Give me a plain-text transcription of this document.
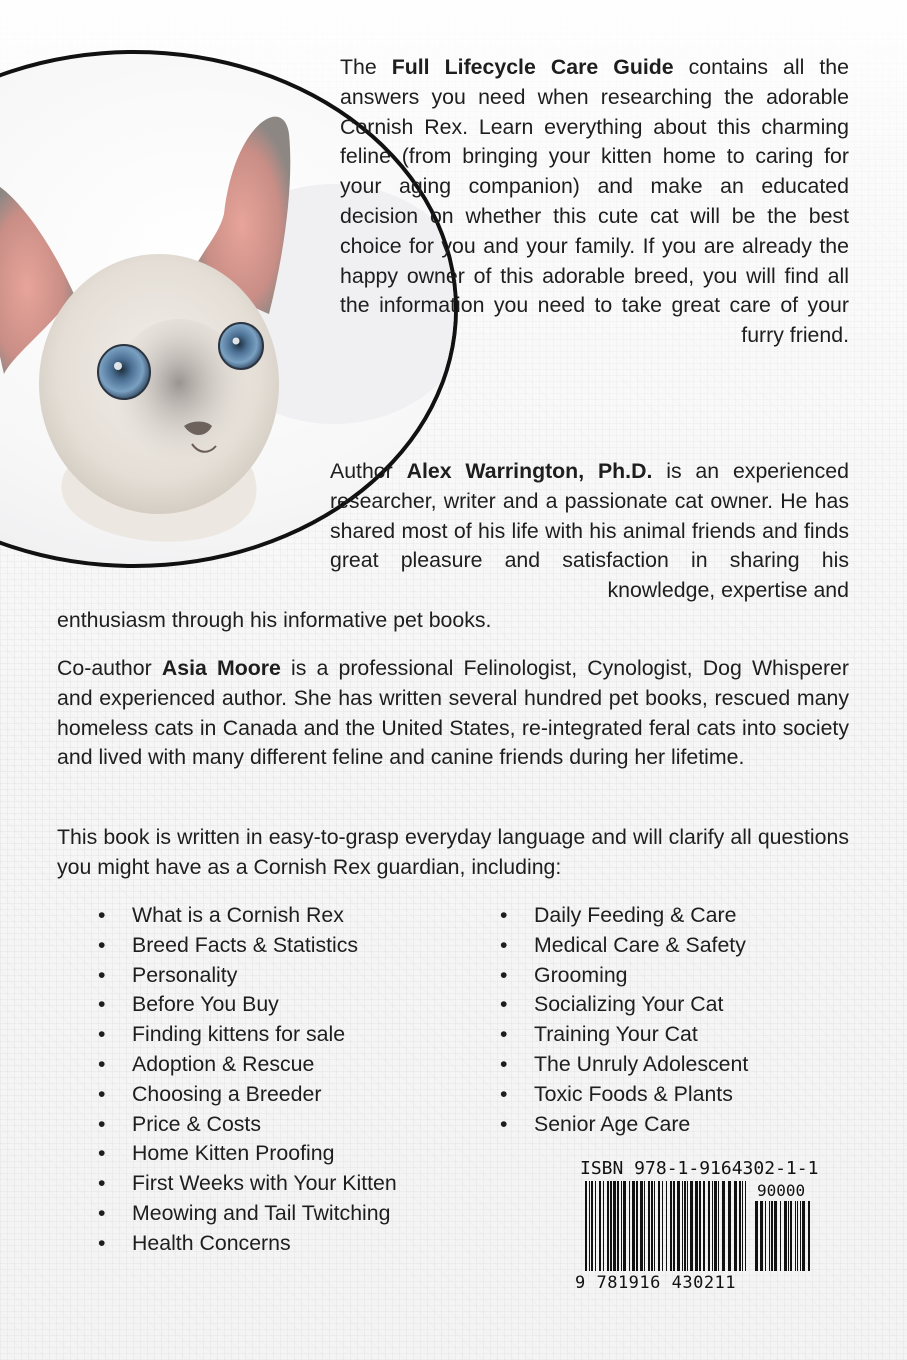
The Full Lifecycle Care Guide contains all the answers you need when researching the adorable Cornish Rex. Learn everything about this charming feline (from bringing your kitten home to caring for your aging companion) and make an educated decision on whether this cute cat will be the best choice for you and your family. If you are already the happy owner of this adorable breed, you will find all the information you need to take great care of your furry friend.
Author Alex Warrington, Ph.D. is an experienced researcher, writer and a passionate cat owner. He has shared most of his life with his animal friends and finds great pleasure and satisfaction in sharing his knowledge, expertise and
enthusiasm through his informative pet books.
Co-author Asia Moore is a professional Felinologist, Cynologist, Dog Whisperer and experienced author. She has written several hundred pet books, rescued many homeless cats in Canada and the United States, re-integrated feral cats into society and lived with many different feline and canine friends during her lifetime.
This book is written in easy-to-grasp everyday language and will clarify all questions you might have as a Cornish Rex guardian, including:
• What is a Cornish Rex
• Breed Facts & Statistics
• Personality
• Before You Buy
• Finding kittens for sale
• Adoption & Rescue
• Choosing a Breeder
• Price & Costs
• Home Kitten Proofing
• First Weeks with Your Kitten
• Meowing and Tail Twitching
• Health Concerns
• Daily Feeding & Care
• Medical Care & Safety
• Grooming
• Socializing Your Cat
• Training Your Cat
• The Unruly Adolescent
• Toxic Foods & Plants
• Senior Age Care
ISBN 978-1-9164302-1-1
90000
9 781916 430211
